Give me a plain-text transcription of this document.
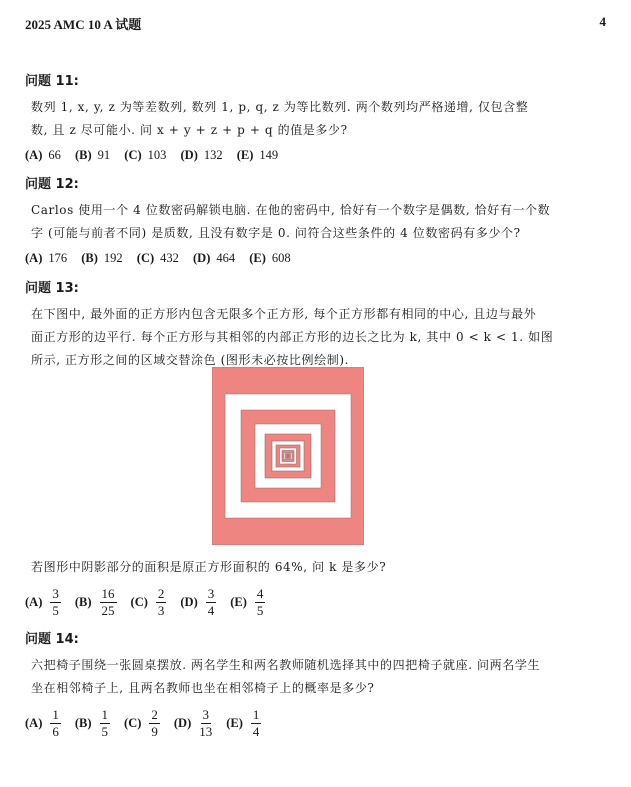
2025 AMC 10 A 试题	4
问题 11:

数列 1, x, y, z 为等差数列, 数列 1, p, q, z 为等比数列. 两个数列均严格递增, 仅包含整

数, 且 z 尽可能小. 问 x + y + z + p + q 的值是多少?

(A) 66 (B) 91 (C) 103 (D) 132 (E) 149
问题 12:

Carlos 使用一个 4 位数密码解锁电脑. 在他的密码中, 恰好有一个数字是偶数, 恰好有一个数

字 (可能与前者不同) 是质数, 且没有数字是 0. 问符合这些条件的 4 位数密码有多少个?

(A) 176 (B) 192 (C) 432 (D) 464 (E) 608
问题 13:

在下图中, 最外面的正方形内包含无限多个正方形, 每个正方形都有相同的中心, 且边与最外

面正方形的边平行. 每个正方形与其相邻的内部正方形的边长之比为 k, 其中 0 < k < 1. 如图

所示, 正方形之间的区域交替涂色 (图形未必按比例绘制).

若图形中阴影部分的面积是原正方形面积的 64%, 问 k 是多少?

$(A) \frac{3}{5} (B) \frac{16}{25} (C) \frac{2}{3} (D) \frac{3}{4} (E) \frac{4}{5}$
问题 14:

六把椅子围绕一张圆桌摆放. 两名学生和两名教师随机选择其中的四把椅子就座. 问两名学生

坐在相邻椅子上, 且两名教师也坐在相邻椅子上的概率是多少?

$(A) \frac{1}{6} (B) \frac{1}{5} (C) \frac{2}{9} (D) \frac{3}{13} (E) \frac{1}{4}$
